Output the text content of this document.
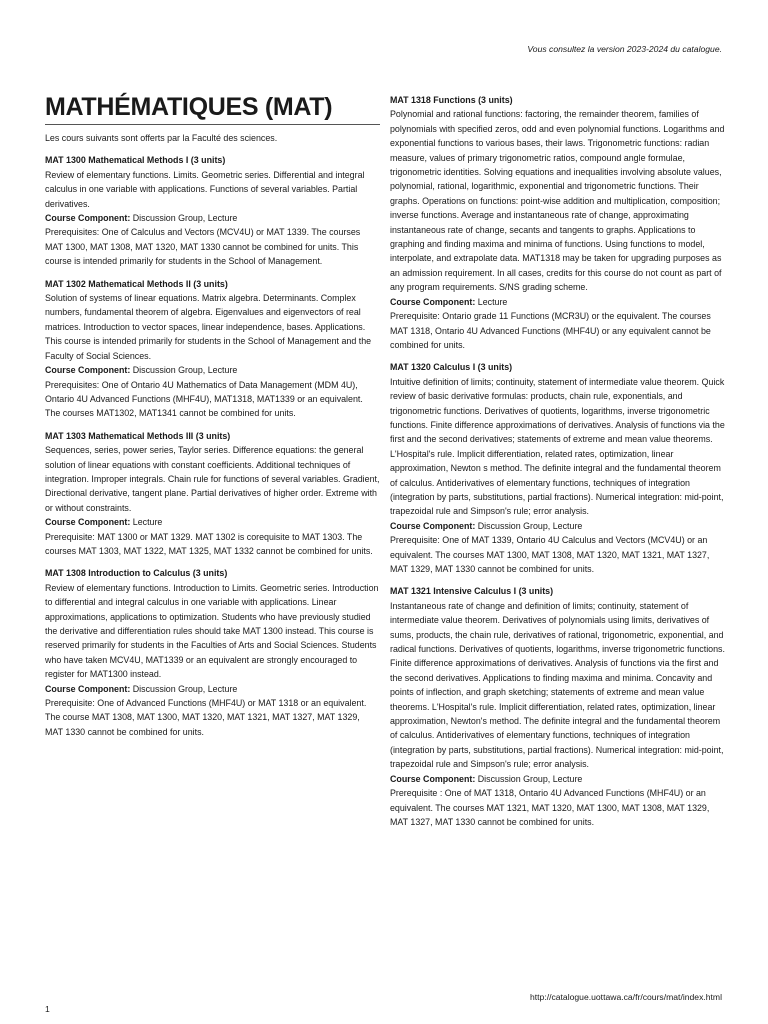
Vous consultez la version 2023-2024 du catalogue.
MATHÉMATIQUES (MAT)
Les cours suivants sont offerts par la Faculté des sciences.
MAT 1300 Mathematical Methods I (3 units)
Review of elementary functions. Limits. Geometric series. Differential and integral calculus in one variable with applications. Functions of several variables. Partial derivatives.
Course Component: Discussion Group, Lecture
Prerequisites: One of Calculus and Vectors (MCV4U) or MAT 1339. The courses MAT 1300, MAT 1308, MAT 1320, MAT 1330 cannot be combined for units. This course is intended primarily for students in the School of Management.
MAT 1302 Mathematical Methods II (3 units)
Solution of systems of linear equations. Matrix algebra. Determinants. Complex numbers, fundamental theorem of algebra. Eigenvalues and eigenvectors of real matrices. Introduction to vector spaces, linear independence, bases. Applications. This course is intended primarily for students in the School of Management and the Faculty of Social Sciences.
Course Component: Discussion Group, Lecture
Prerequisites: One of Ontario 4U Mathematics of Data Management (MDM 4U), Ontario 4U Advanced Functions (MHF4U), MAT1318, MAT1339 or an equivalent. The courses MAT1302, MAT1341 cannot be combined for units.
MAT 1303 Mathematical Methods III (3 units)
Sequences, series, power series, Taylor series. Difference equations: the general solution of linear equations with constant coefficients. Additional techniques of integration. Improper integrals. Chain rule for functions of several variables. Gradient, Directional derivative, tangent plane. Partial derivatives of higher order. Extreme with or without constraints.
Course Component: Lecture
Prerequisite: MAT 1300 or MAT 1329. MAT 1302 is corequisite to MAT 1303. The courses MAT 1303, MAT 1322, MAT 1325, MAT 1332 cannot be combined for units.
MAT 1308 Introduction to Calculus (3 units)
Review of elementary functions. Introduction to Limits. Geometric series. Introduction to differential and integral calculus in one variable with applications. Linear approximations, applications to optimization. Students who have previously studied the derivative and differentiation rules should take MAT 1300 instead. This course is reserved primarily for students in the Faculties of Arts and Social Sciences. Students who have taken MCV4U, MAT1339 or an equivalent are strongly encouraged to register for MAT1300 instead.
Course Component: Discussion Group, Lecture
Prerequisite: One of Advanced Functions (MHF4U) or MAT 1318 or an equivalent. The course MAT 1308, MAT 1300, MAT 1320, MAT 1321, MAT 1327, MAT 1329, MAT 1330 cannot be combined for units.
MAT 1318 Functions (3 units)
Polynomial and rational functions: factoring, the remainder theorem, families of polynomials with specified zeros, odd and even polynomial functions. Logarithms and exponential functions to various bases, their laws. Trigonometric functions: radian measure, values of primary trigonometric ratios, compound angle formulae, trigonometric identities. Solving equations and inequalities involving absolute values, polynomial, rational, logarithmic, exponential and trigonometric functions. Their graphs. Operations on functions: point-wise addition and multiplication, composition; inverse functions. Average and instantaneous rate of change, approximating instantaneous rate of change, secants and tangents to graphs. Applications to graphing and finding maxima and minima of functions. Using functions to model, interpolate, and extrapolate data. MAT1318 may be taken for upgrading purposes as an admission requirement. In all cases, credits for this course do not count as part of any program requirements. S/NS grading scheme.
Course Component: Lecture
Prerequisite: Ontario grade 11 Functions (MCR3U) or the equivalent. The courses MAT 1318, Ontario 4U Advanced Functions (MHF4U) or any equivalent cannot be combined for units.
MAT 1320 Calculus I (3 units)
Intuitive definition of limits; continuity, statement of intermediate value theorem. Quick review of basic derivative formulas: products, chain rule, exponentials, and trigonometric functions. Derivatives of quotients, logarithms, inverse trigonometric functions. Finite difference approximations of derivatives. Analysis of functions via the first and the second derivatives; statements of extreme and mean value theorems. L'Hospital's rule. Implicit differentiation, related rates, optimization, linear approximation, Newton s method. The definite integral and the fundamental theorem of calculus. Antiderivatives of elementary functions, techniques of integration (integration by parts, substitutions, partial fractions). Numerical integration: mid-point, trapezoidal rule and Simpson's rule; error analysis.
Course Component: Discussion Group, Lecture
Prerequisite: One of MAT 1339, Ontario 4U Calculus and Vectors (MCV4U) or an equivalent. The courses MAT 1300, MAT 1308, MAT 1320, MAT 1321, MAT 1327, MAT 1329, MAT 1330 cannot be combined for units.
MAT 1321 Intensive Calculus I (3 units)
Instantaneous rate of change and definition of limits; continuity, statement of intermediate value theorem. Derivatives of polynomials using limits, derivatives of sums, products, the chain rule, derivatives of rational, trigonometric, exponential, and radical functions. Derivatives of quotients, logarithms, inverse trigonometric functions. Finite difference approximations of derivatives. Analysis of functions via the first and the second derivatives. Applications to finding maxima and minima. Concavity and points of inflection, and graph sketching; statements of extreme and mean value theorems. L'Hospital's rule. Implicit differentiation, related rates, optimization, linear approximation, Newton's method. The definite integral and the fundamental theorem of calculus. Antiderivatives of elementary functions, techniques of integration (integration by parts, substitutions, partial fractions). Numerical integration: mid-point, trapezoidal rule and Simpson's rule; error analysis.
Course Component: Discussion Group, Lecture
Prerequisite : One of MAT 1318, Ontario 4U Advanced Functions (MHF4U) or an equivalent. The courses MAT 1321, MAT 1320, MAT 1300, MAT 1308, MAT 1329, MAT 1327, MAT 1330 cannot be combined for units.
http://catalogue.uottawa.ca/fr/cours/mat/index.html
1
